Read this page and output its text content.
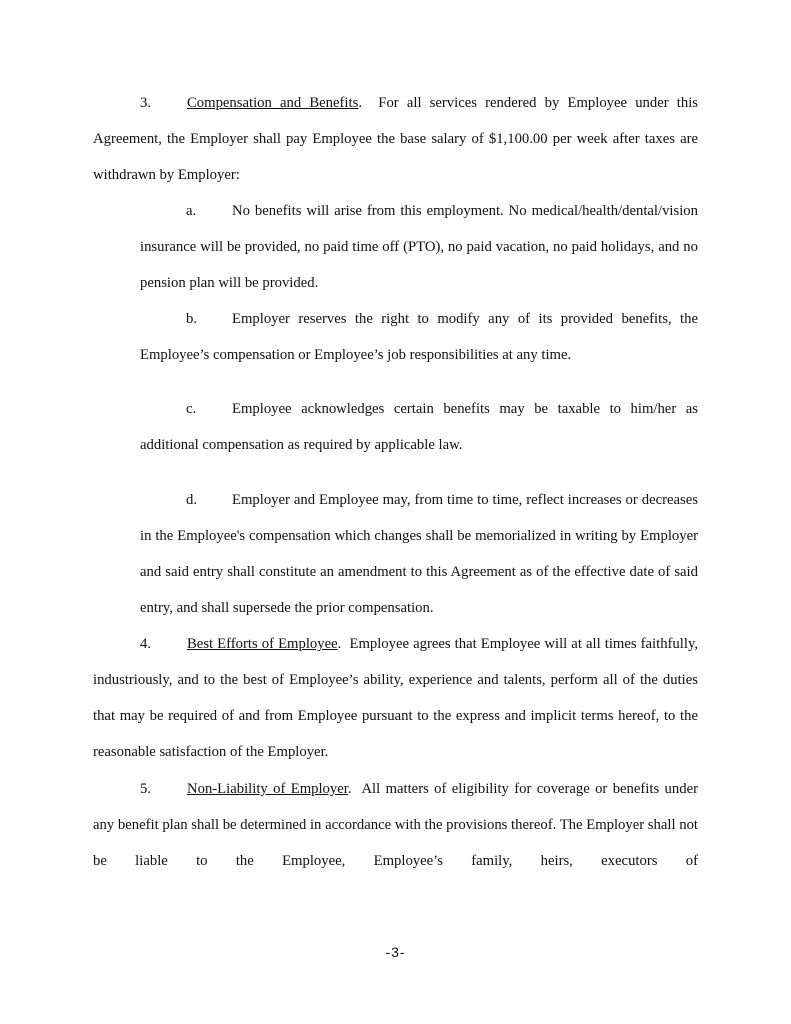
3. Compensation and Benefits. For all services rendered by Employee under this Agreement, the Employer shall pay Employee the base salary of $1,100.00 per week after taxes are withdrawn by Employer:

a. No benefits will arise from this employment. No medical/health/dental/vision insurance will be provided, no paid time off (PTO), no paid vacation, no paid holidays, and no pension plan will be provided.

b. Employer reserves the right to modify any of its provided benefits, the Employee’s compensation or Employee’s job responsibilities at any time.

c. Employee acknowledges certain benefits may be taxable to him/her as additional compensation as required by applicable law.

d. Employer and Employee may, from time to time, reflect increases or decreases in the Employee's compensation which changes shall be memorialized in writing by Employer and said entry shall constitute an amendment to this Agreement as of the effective date of said entry, and shall supersede the prior compensation.

4. Best Efforts of Employee. Employee agrees that Employee will at all times faithfully, industriously, and to the best of Employee’s ability, experience and talents, perform all of the duties that may be required of and from Employee pursuant to the express and implicit terms hereof, to the reasonable satisfaction of the Employer.

5. Non-Liability of Employer. All matters of eligibility for coverage or benefits under any benefit plan shall be determined in accordance with the provisions thereof. The Employer shall not be liable to the Employee, Employee’s family, heirs, executors of

-3-
